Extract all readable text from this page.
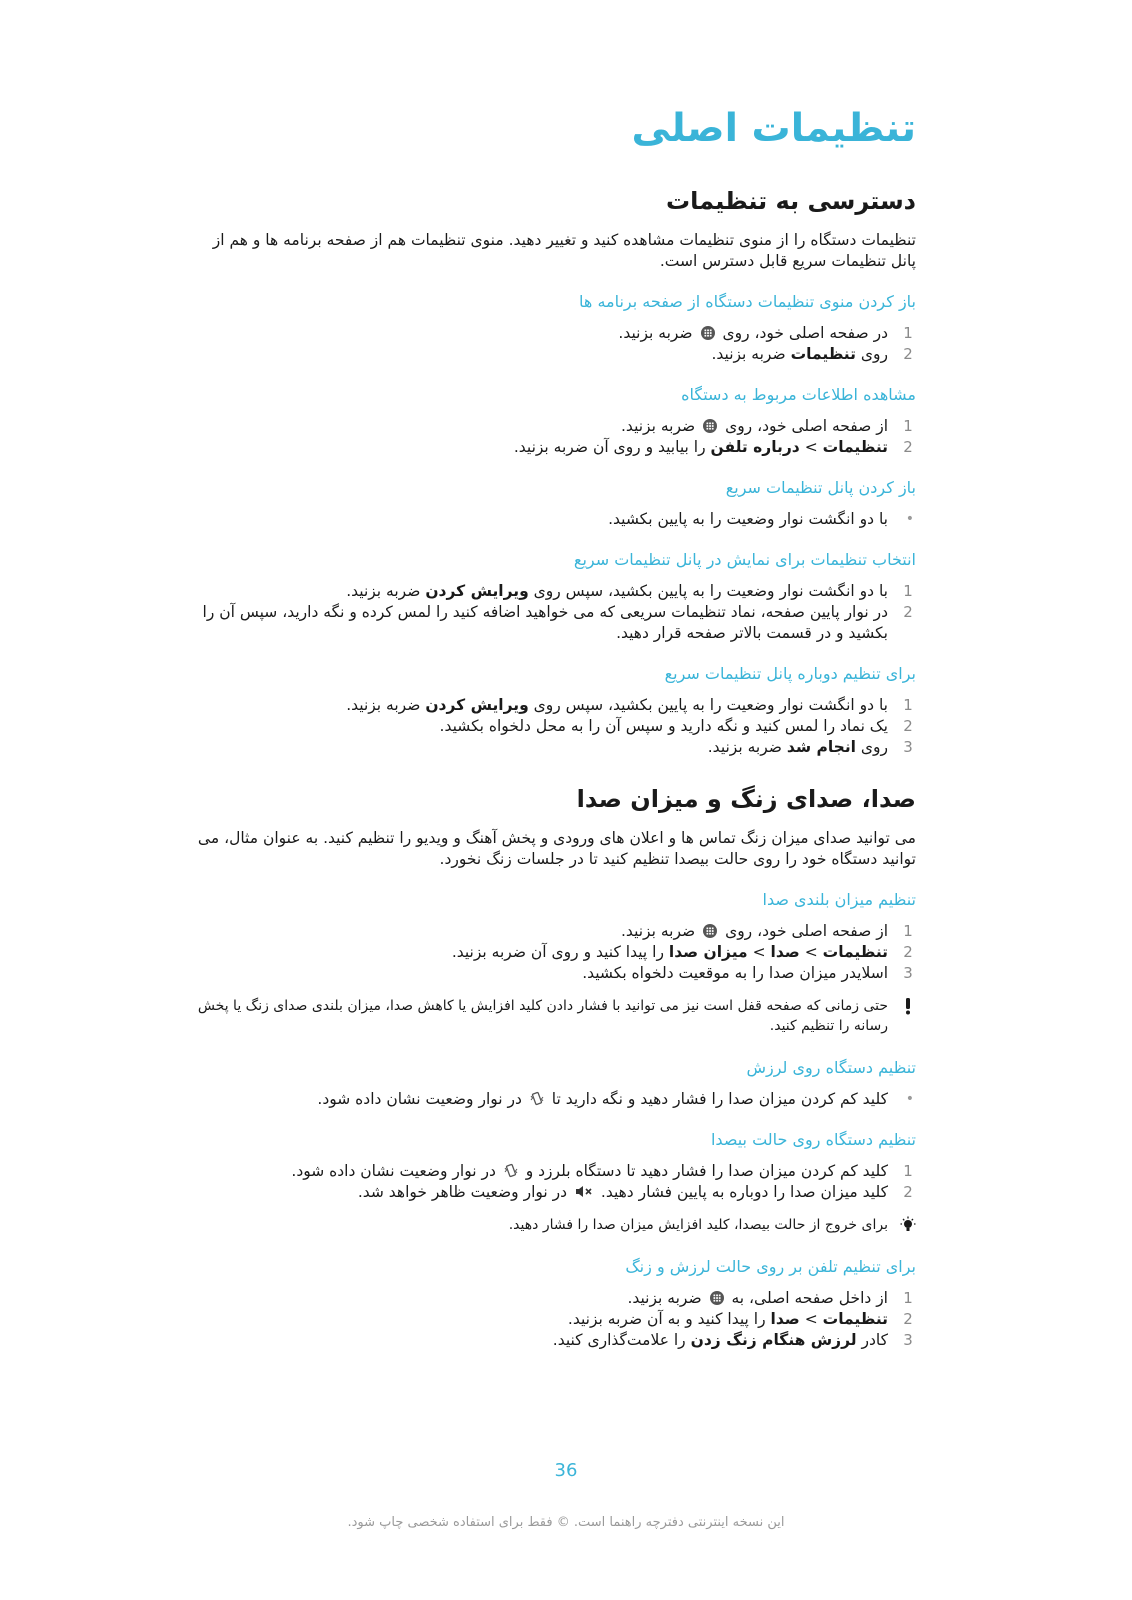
تنظیمات اصلی
دسترسی به تنظیمات

تنظیمات دستگاه را از منوی تنظیمات مشاهده کنید و تغییر دهید. منوی تنظیمات هم از صفحه برنامه ها و هم از پانل تنظیمات سریع قابل دسترس است.

باز کردن منوی تنظیمات دستگاه از صفحه برنامه ها
1
در صفحه اصلی خود، روی  ضربه بزنید.
2
روی تنظیمات ضربه بزنید.
مشاهده اطلاعات مربوط به دستگاه
1
از صفحه اصلی خود، روی  ضربه بزنید.
2
تنظیمات > درباره تلفن را بیابید و روی آن ضربه بزنید.
باز کردن پانل تنظیمات سریع
•
با دو انگشت نوار وضعیت را به پایین بکشید.
انتخاب تنظیمات برای نمایش در پانل تنظیمات سریع
1
با دو انگشت نوار وضعیت را به پایین بکشید، سپس روی ویرایش کردن ضربه بزنید.
2
در نوار پایین صفحه، نماد تنظیمات سریعی که می خواهید اضافه کنید را لمس کرده و نگه دارید، سپس آن را بکشید و در قسمت بالاتر صفحه قرار دهید.
برای تنظیم دوباره پانل تنظیمات سریع
1
با دو انگشت نوار وضعیت را به پایین بکشید، سپس روی ویرایش کردن ضربه بزنید.
2
یک نماد را لمس کنید و نگه دارید و سپس آن را به محل دلخواه بکشید.
3
روی انجام شد ضربه بزنید.
صدا، صدای زنگ و میزان صدا

می توانید صدای میزان زنگ تماس ها و اعلان های ورودی و پخش آهنگ و ویدیو را تنظیم کنید. به عنوان مثال، می توانید دستگاه خود را روی حالت بیصدا تنظیم کنید تا در جلسات زنگ نخورد.

تنظیم میزان بلندی صدا
1
از صفحه اصلی خود، روی  ضربه بزنید.
2
تنظیمات > صدا > میزان صدا را پیدا کنید و روی آن ضربه بزنید.
3
اسلایدر میزان صدا را به موقعیت دلخواه بکشید.
حتی زمانی که صفحه قفل است نیز می توانید با فشار دادن کلید افزایش یا کاهش صدا، میزان بلندی صدای زنگ یا پخش رسانه را تنظیم کنید.
تنظیم دستگاه روی لرزش
•
کلید کم کردن میزان صدا را فشار دهید و نگه دارید تا  در نوار وضعیت نشان داده شود.
تنظیم دستگاه روی حالت بیصدا
1
کلید کم کردن میزان صدا را فشار دهید تا دستگاه بلرزد و  در نوار وضعیت نشان داده شود.
2
کلید میزان صدا را دوباره به پایین فشار دهید.  در نوار وضعیت ظاهر خواهد شد.
برای خروج از حالت بیصدا، کلید افزایش میزان صدا را فشار دهید.
برای تنظیم تلفن بر روی حالت لرزش و زنگ
1
از داخل صفحه اصلی، به  ضربه بزنید.
2
تنظیمات > صدا را پیدا کنید و به آن ضربه بزنید.
3
کادر لرزش هنگام زنگ زدن را علامت‌گذاری کنید.
36
این نسخه اینترنتی دفترچه راهنما است. © فقط برای استفاده شخصی چاپ شود.
